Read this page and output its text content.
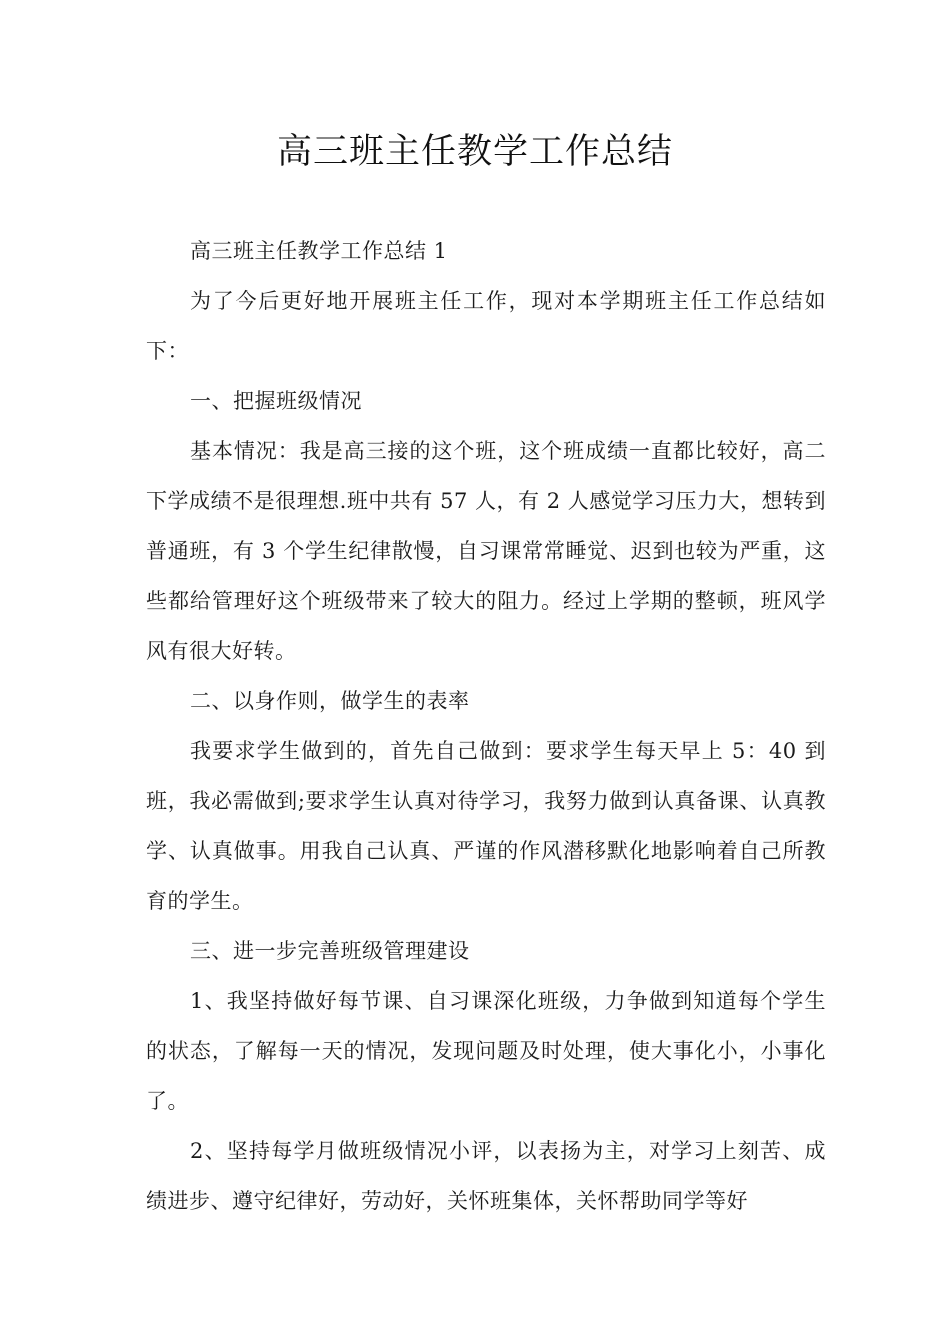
高三班主任教学工作总结

高三班主任教学工作总结 1

为了今后更好地开展班主任工作，现对本学期班主任工作总结如下：

一、把握班级情况

基本情况：我是高三接的这个班，这个班成绩一直都比较好，高二下学成绩不是很理想.班中共有 57 人，有 2 人感觉学习压力大，想转到普通班，有 3 个学生纪律散慢，自习课常常睡觉、迟到也较为严重，这些都给管理好这个班级带来了较大的阻力。经过上学期的整顿，班风学风有很大好转。

二、以身作则，做学生的表率

我要求学生做到的，首先自己做到：要求学生每天早上 5：40 到班，我必需做到;要求学生认真对待学习，我努力做到认真备课、认真教学、认真做事。用我自己认真、严谨的作风潜移默化地影响着自己所教育的学生。

三、进一步完善班级管理建设

1、我坚持做好每节课、自习课深化班级，力争做到知道每个学生的状态，了解每一天的情况，发现问题及时处理，使大事化小，小事化了。

2、坚持每学月做班级情况小评，以表扬为主，对学习上刻苦、成绩进步、遵守纪律好，劳动好，关怀班集体，关怀帮助同学等好
